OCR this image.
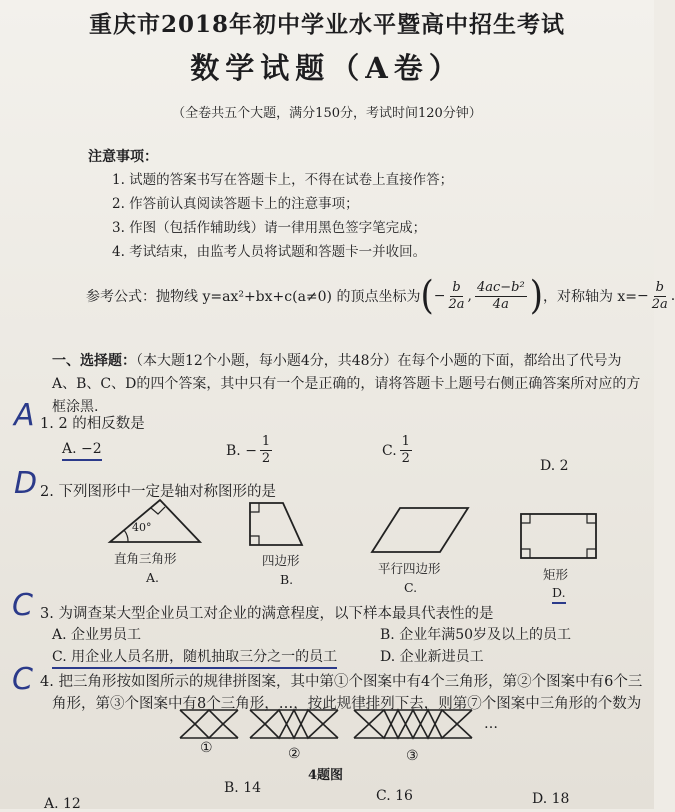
重庆市2018年初中学业水平暨高中招生考试
数学试题（A卷）
（全卷共五个大题，满分150分，考试时间120分钟）
注意事项：
1. 试题的答案书写在答题卡上，不得在试卷上直接作答；
2. 作答前认真阅读答题卡上的注意事项；
3. 作图（包括作辅助线）请一律用黑色签字笔完成；
4. 考试结束，由监考人员将试题和答题卡一并收回。
参考公式：抛物线 y=ax²+bx+c(a≠0) 的顶点坐标为 ( − $\frac{b}{2a}$ , $\frac{\text{4ac−b²}}{4a}$ ) ，对称轴为 $x= - \frac{b}{2a}$ .
一、选择题：（本大题12个小题，每小题4分，共48分）在每个小题的下面，都给出了代号为A、B、C、D的四个答案，其中只有一个是正确的，请将答题卡上题号右侧正确答案所对应的方框涂黑.
A 1. 2 的相反数是
A. −2	B. − $\frac{1}{2}$	C. $\frac{1}{2}$	D. 2
D 2. 下列图形中一定是轴对称图形的是
40°
直角三角形
A.
四边形
B.
平行四边形
C.
矩形
D.
C 3. 为调查某大型企业员工对企业的满意程度，以下样本最具代表性的是
A. 企业男员工	B. 企业年满50岁及以上的员工
C. 用企业人员名册，随机抽取三分之一的员工	D. 企业新进员工
C 4. 把三角形按如图所示的规律拼图案，其中第①个图案中有4个三角形，第②个图案中有6个三
角形，第③个图案中有8个三角形，…，按此规律排列下去，则第⑦个图案中三角形的个数为
①	②	③
…
4题图
A. 12
B. 14	C. 16	D. 18
